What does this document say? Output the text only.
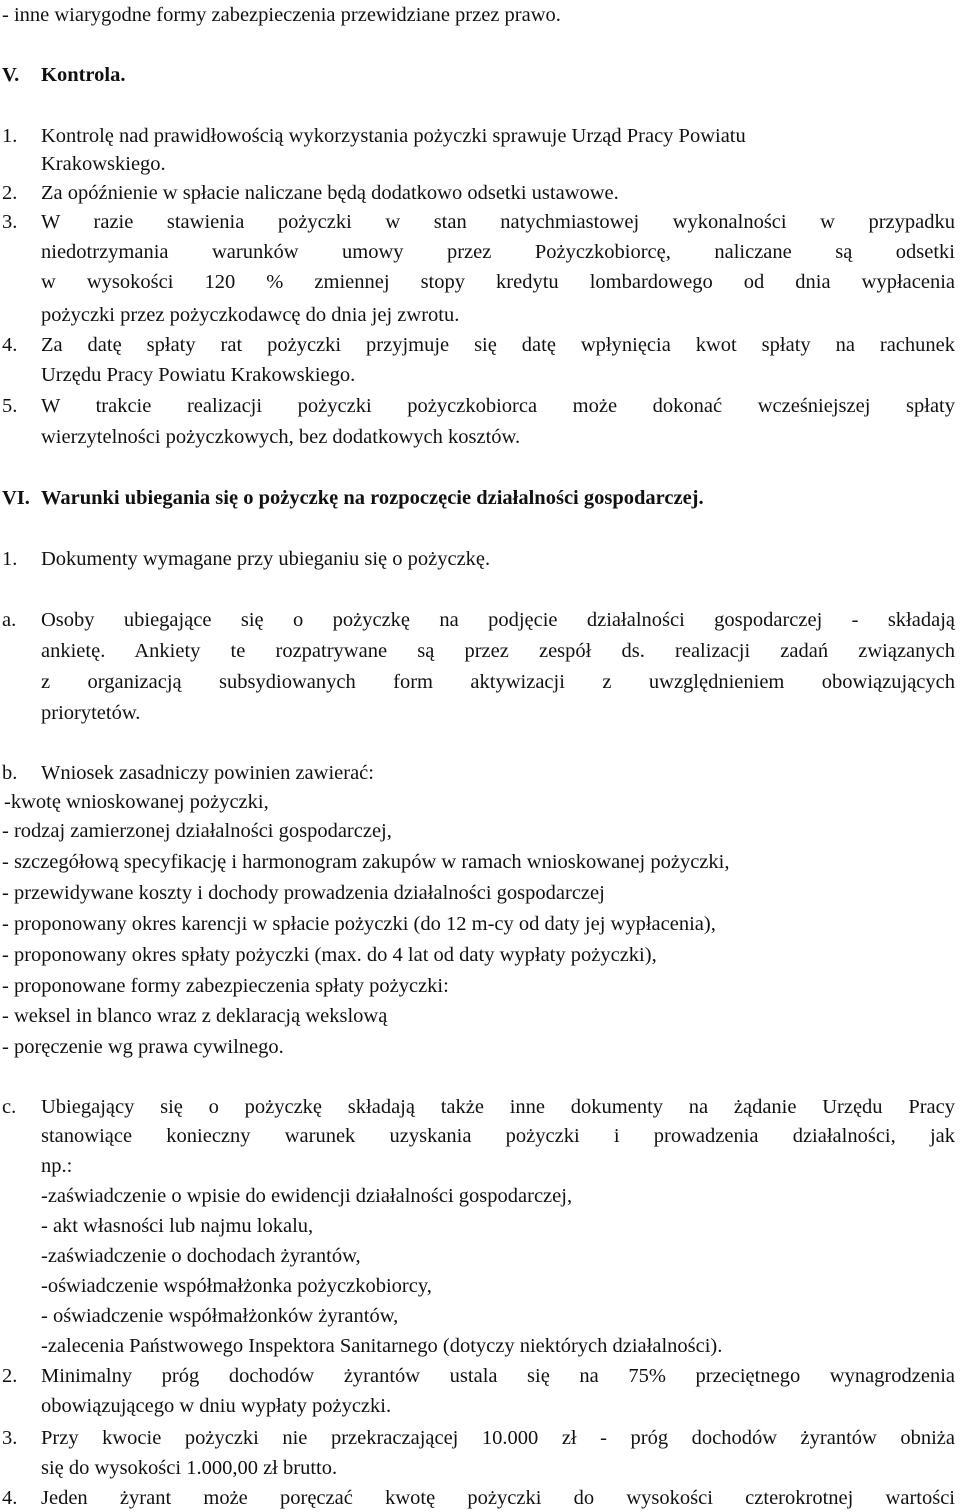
- inne wiarygodne formy zabezpieczenia przewidziane przez prawo.
V. Kontrola.
1. Kontrolę nad prawidłowością wykorzystania pożyczki sprawuje Urząd Pracy Powiatu
Krakowskiego.
2. Za opóźnienie w spłacie naliczane będą dodatkowo odsetki ustawowe.
3. W razie stawienia pożyczki w stan natychmiastowej wykonalności w przypadku
niedotrzymania warunków umowy przez Pożyczkobiorcę, naliczane są odsetki
w wysokości 120 % zmiennej stopy kredytu lombardowego od dnia wypłacenia
pożyczki przez pożyczkodawcę do dnia jej zwrotu.
4. Za datę spłaty rat pożyczki przyjmuje się datę wpłynięcia kwot spłaty na rachunek
Urzędu Pracy Powiatu Krakowskiego.
5. W trakcie realizacji pożyczki pożyczkobiorca może dokonać wcześniejszej spłaty
wierzytelności pożyczkowych, bez dodatkowych kosztów.
VI. Warunki ubiegania się o pożyczkę na rozpoczęcie działalności gospodarczej.
1. Dokumenty wymagane przy ubieganiu się o pożyczkę.
a. Osoby ubiegające się o pożyczkę na podjęcie działalności gospodarczej - składają
ankietę. Ankiety te rozpatrywane są przez zespół ds. realizacji zadań związanych
z organizacją subsydiowanych form aktywizacji z uwzględnieniem obowiązujących
priorytetów.
b. Wniosek zasadniczy powinien zawierać:
-kwotę wnioskowanej pożyczki,
- rodzaj zamierzonej działalności gospodarczej,
- szczegółową specyfikację i harmonogram zakupów w ramach wnioskowanej pożyczki,
- przewidywane koszty i dochody prowadzenia działalności gospodarczej
- proponowany okres karencji w spłacie pożyczki (do 12 m-cy od daty jej wypłacenia),
- proponowany okres spłaty pożyczki (max. do 4 lat od daty wypłaty pożyczki),
- proponowane formy zabezpieczenia spłaty pożyczki:
- weksel in blanco wraz z deklaracją wekslową
- poręczenie wg prawa cywilnego.
c. Ubiegający się o pożyczkę składają także inne dokumenty na żądanie Urzędu Pracy
stanowiące konieczny warunek uzyskania pożyczki i prowadzenia działalności, jak
np.:
-zaświadczenie o wpisie do ewidencji działalności gospodarczej,
- akt własności lub najmu lokalu,
-zaświadczenie o dochodach żyrantów,
-oświadczenie współmałżonka pożyczkobiorcy,
- oświadczenie współmałżonków żyrantów,
-zalecenia Państwowego Inspektora Sanitarnego (dotyczy niektórych działalności).
2. Minimalny próg dochodów żyrantów ustala się na 75% przeciętnego wynagrodzenia
obowiązującego w dniu wypłaty pożyczki.
3. Przy kwocie pożyczki nie przekraczającej 10.000 zł - próg dochodów żyrantów obniża
się do wysokości 1.000,00 zł brutto.
4. Jeden żyrant może poręczać kwotę pożyczki do wysokości czterokrotnej wartości
